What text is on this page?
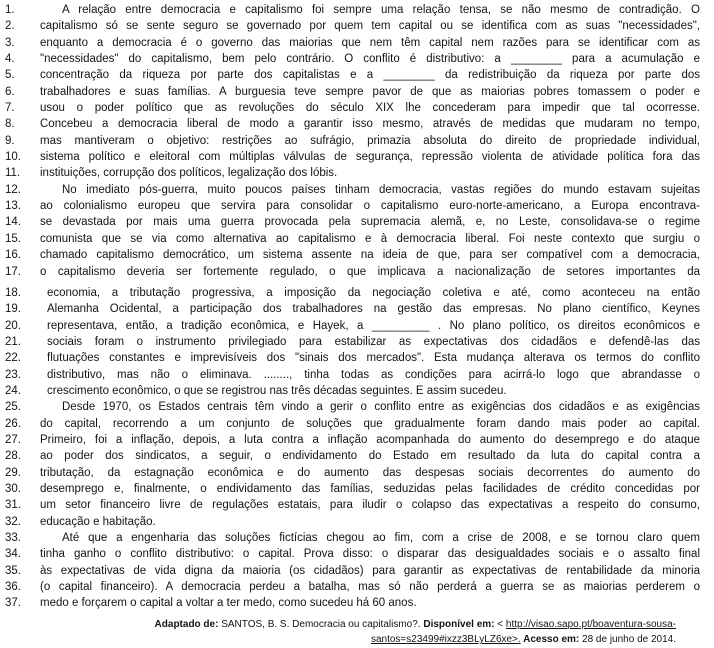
1.	A relação entre democracia e capitalismo foi sempre uma relação tensa, se não mesmo de contradição. O
2.	capitalismo só se sente seguro se governado por quem tem capital ou se identifica com as suas "necessidades",
3.	enquanto a democracia é o governo das maiorias que nem têm capital nem razões para se identificar com as
4.	"necessidades" do capitalismo, bem pelo contrário. O conflito é distributivo: a ________ para a acumulação e
5.	concentração da riqueza por parte dos capitalistas e a ________ da redistribuição da riqueza por parte dos
6.	trabalhadores e suas famílias. A burguesia teve sempre pavor de que as maiorias pobres tomassem o poder e
7.	usou o poder político que as revoluções do século XIX lhe concederam para impedir que tal ocorresse.
8.	Concebeu a democracia liberal de modo a garantir isso mesmo, através de medidas que mudaram no tempo,
9.	mas mantiveram o objetivo: restrições ao sufrágio, primazia absoluta do direito de propriedade individual,
10.	sistema político e eleitoral com múltiplas válvulas de segurança, repressão violenta de atividade política fora das
11.	instituições, corrupção dos políticos, legalização dos lóbis.
12.	No imediato pós-guerra, muito poucos países tinham democracia, vastas regiões do mundo estavam sujeitas
13.	ao colonialismo europeu que servira para consolidar o capitalismo euro-norte-americano, a Europa encontrava-
14.	se devastada por mais uma guerra provocada pela supremacia alemã, e, no Leste, consolidava-se o regime
15.	comunista que se via como alternativa ao capitalismo e à democracia liberal. Foi neste contexto que surgiu o
16.	chamado capitalismo democrático, um sistema assente na ideia de que, para ser compatível com a democracia,
17.	o capitalismo deveria ser fortemente regulado, o que implicava a nacionalização de setores importantes da
18.	economia, a tributação progressiva, a imposição da negociação coletiva e até, como aconteceu na então
19.	Alemanha Ocidental, a participação dos trabalhadores na gestão das empresas. No plano científico, Keynes
20.	representava, então, a tradição econômica, e Hayek, a _________ . No plano político, os direitos econômicos e
21.	sociais foram o instrumento privilegiado para estabilizar as expectativas dos cidadãos e defendê-las das
22.	flutuações constantes e imprevisíveis dos "sinais dos mercados". Esta mudança alterava os termos do conflito
23.	distributivo, mas não o eliminava. ........, tinha todas as condições para acirrá-lo logo que abrandasse o
24.	crescimento econômico, o que se registrou nas três décadas seguintes. E assim sucedeu.
25.	Desde 1970, os Estados centrais têm vindo a gerir o conflito entre as exigências dos cidadãos e as exigências
26.	do capital, recorrendo a um conjunto de soluções que gradualmente foram dando mais poder ao capital.
27.	Primeiro, foi a inflação, depois, a luta contra a inflação acompanhada do aumento do desemprego e do ataque
28.	ao poder dos sindicatos, a seguir, o endividamento do Estado em resultado da luta do capital contra a
29.	tributação, da estagnação econômica e do aumento das despesas sociais decorrentes do aumento do
30.	desemprego e, finalmente, o endividamento das famílias, seduzidas pelas facilidades de crédito concedidas por
31.	um setor financeiro livre de regulações estatais, para iludir o colapso das expectativas a respeito do consumo,
32.	educação e habitação.
33.	Até que a engenharia das soluções fictícias chegou ao fim, com a crise de 2008, e se tornou claro quem
34.	tinha ganho o conflito distributivo: o capital. Prova disso: o disparar das desigualdades sociais e o assalto final
35.	às expectativas de vida digna da maioria (os cidadãos) para garantir as expectativas de rentabilidade da minoria
36.	(o capital financeiro). A democracia perdeu a batalha, mas só não perderá a guerra se as maiorias perderem o
37.	medo e forçarem o capital a voltar a ter medo, como sucedeu há 60 anos.
Adaptado de: SANTOS, B. S. Democracia ou capitalismo?. Disponível em: < http://visao.sapo.pt/boaventura-sousa-
santos=s23499#ixzz3BLyLZ6xe>. Acesso em: 28 de junho de 2014.
